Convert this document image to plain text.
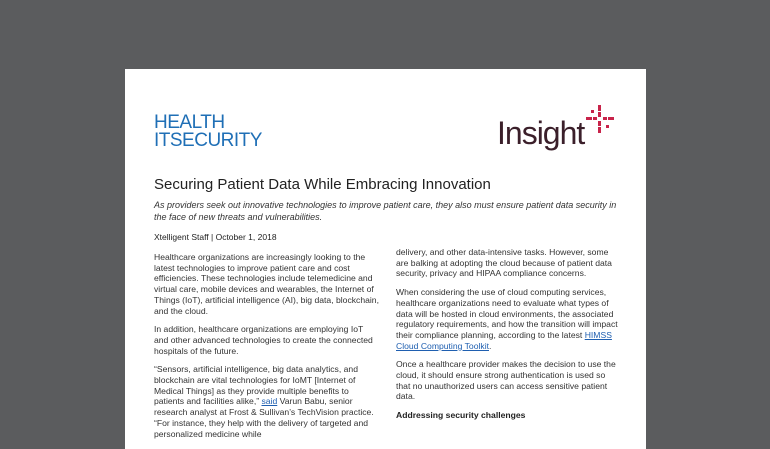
HEALTH
ITSECURITY	Insight
Securing Patient Data While Embracing Innovation
As providers seek out innovative technologies to improve patient care, they also must ensure patient data security in the face of new threats and vulnerabilities.
Xtelligent Staff | October 1, 2018

Healthcare organizations are increasingly looking to the latest technologies to improve patient care and cost efficiencies. These technologies include telemedicine and virtual care, mobile devices and wearables, the Internet of Things (IoT), artificial intelligence (AI), big data, blockchain, and the cloud.

In addition, healthcare organizations are employing IoT and other advanced technologies to create the connected hospitals of the future.

“Sensors, artificial intelligence, big data analytics, and blockchain are vital technologies for IoMT [Internet of Medical Things] as they provide multiple benefits to patients and facilities alike,” said Varun Babu, senior research analyst at Frost & Sullivan’s TechVision practice. “For instance, they help with the delivery of targeted and personalized medicine while

delivery, and other data-intensive tasks. However, some are balking at adopting the cloud because of patient data security, privacy and HIPAA compliance concerns.

When considering the use of cloud computing services, healthcare organizations need to evaluate what types of data will be hosted in cloud environments, the associated regulatory requirements, and how the transition will impact their compliance planning, according to the latest HIMSS Cloud Computing Toolkit.

Once a healthcare provider makes the decision to use the cloud, it should ensure strong authentication is used so that no unauthorized users can access sensitive patient data.

Addressing security challenges
